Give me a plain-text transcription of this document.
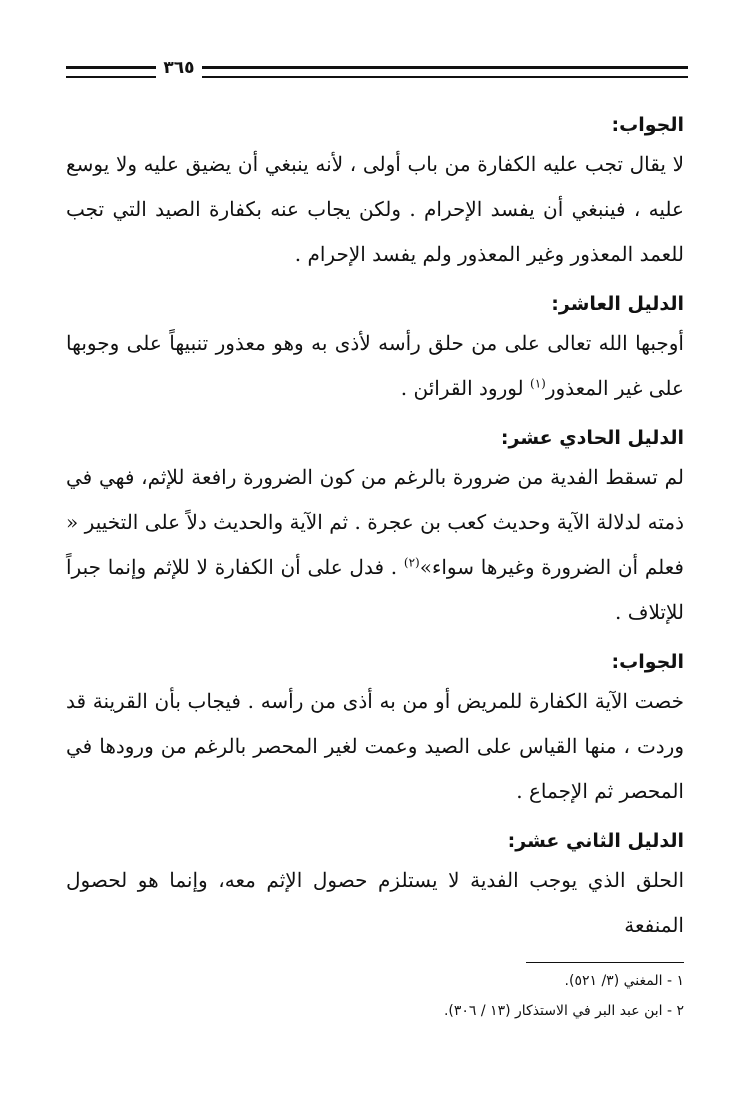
٣٦٥
الجواب:

لا يقال تجب عليه الكفارة من باب أولى ، لأنه ينبغي أن يضيق عليه ولا يوسع عليه ، فينبغي أن يفسد الإحرام . ولكن يجاب عنه بكفارة الصيد التي تجب للعمد المعذور وغير المعذور ولم يفسد الإحرام .

الدليل العاشر:

أوجبها الله تعالى على من حلق رأسه لأذى به وهو معذور تنبيهاً على وجوبها على غير المعذور$^{(١)}$ لورود القرائن .

الدليل الحادي عشر:

لم تسقط الفدية من ضرورة بالرغم من كون الضرورة رافعة للإثم، فهي في ذمته لدلالة الآية وحديث كعب بن عجرة . ثم الآية والحديث دلاً على التخيير « فعلم أن الضرورة وغيرها سواء»$^{(٢)}$ . فدل على أن الكفارة لا للإثم وإنما جبراً للإتلاف .

الجواب:

خصت الآية الكفارة للمريض أو من به أذى من رأسه . فيجاب بأن القرينة قد وردت ، منها القياس على الصيد وعمت لغير المحصر بالرغم من ورودها في المحصر ثم الإجماع .

الدليل الثاني عشر:

الحلق الذي يوجب الفدية لا يستلزم حصول الإثم معه، وإنما هو لحصول المنفعة

١ - المغني (٣/ ٥٢١).

٢ - ابن عبد البر في الاستذكار (١٣ / ٣٠٦).
